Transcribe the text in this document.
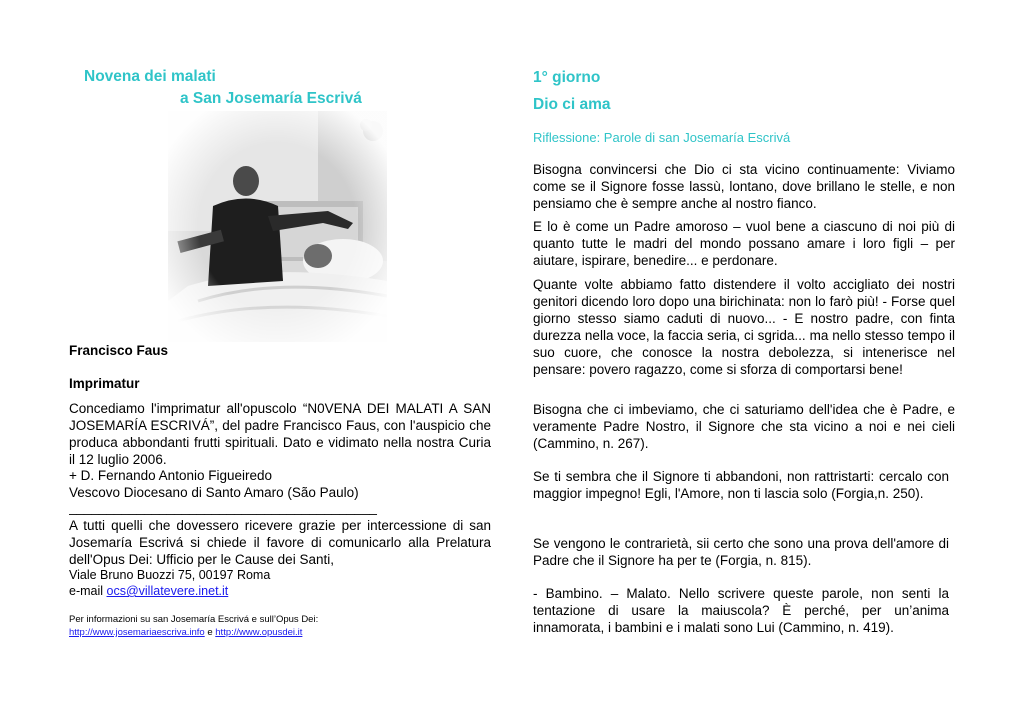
Novena dei malati
a San Josemaría Escrivá
Francisco Faus
Imprimatur
Concediamo l'imprimatur all'opuscolo “N0VENA DEI MALATI A SAN JOSEMARÍA ESCRIVÁ”, del padre Francisco Faus, con l'auspicio che produca abbondanti frutti spirituali. Dato e vidimato nella nostra Curia il 12 luglio 2006.
+ D. Fernando Antonio Figueiredo
Vescovo Diocesano di Santo Amaro (São Paulo)
_________________________________________
A tutti quelli che dovessero ricevere grazie per intercessione di san Josemaría Escrivá si chiede il favore di comunicarlo alla Prelatura dell'Opus Dei: Ufficio per le Cause dei Santi,
Viale Bruno Buozzi 75, 00197 Roma
e-mail ocs@villatevere.inet.it
Per informazioni su san Josemaría Escrivá e sull’Opus Dei:
http://www.josemariaescriva.info e http://www.opusdei.it
1° giorno
Dio ci ama
Riflessione: Parole di san Josemaría Escrivá
Bisogna convincersi che Dio ci sta vicino continuamente: Viviamo come se il Signore fosse lassù, lontano, dove brillano le stelle, e non pensiamo che è sempre anche al nostro fianco.
E lo è come un Padre amoroso – vuol bene a ciascuno di noi più di quanto tutte le madri del mondo possano amare i loro figli – per aiutare, ispirare, benedire... e perdonare.
Quante volte abbiamo fatto distendere il volto accigliato dei nostri genitori dicendo loro dopo una birichinata: non lo farò più! - Forse quel giorno stesso siamo caduti di nuovo... - E nostro padre, con finta durezza nella voce, la faccia seria, ci sgrida... ma nello stesso tempo il suo cuore, che conosce la nostra debolezza, si intenerisce nel pensare: povero ragazzo, come si sforza di comportarsi bene!
Bisogna che ci imbeviamo, che ci saturiamo dell'idea che è Padre, e veramente Padre Nostro, il Signore che sta vicino a noi e nei cieli (Cammino, n. 267).
Se ti sembra che il Signore ti abbandoni, non rattristarti: cercalo con maggior impegno! Egli, l'Amore, non ti lascia solo (Forgia,n. 250).
Se vengono le contrarietà, sii certo che sono una prova dell'amore di Padre che il Signore ha per te (Forgia, n. 815).
- Bambino. – Malato. Nello scrivere queste parole, non senti la tentazione di usare la maiuscola? È perché, per un’anima innamorata, i bambini e i malati sono Lui (Cammino, n. 419).
